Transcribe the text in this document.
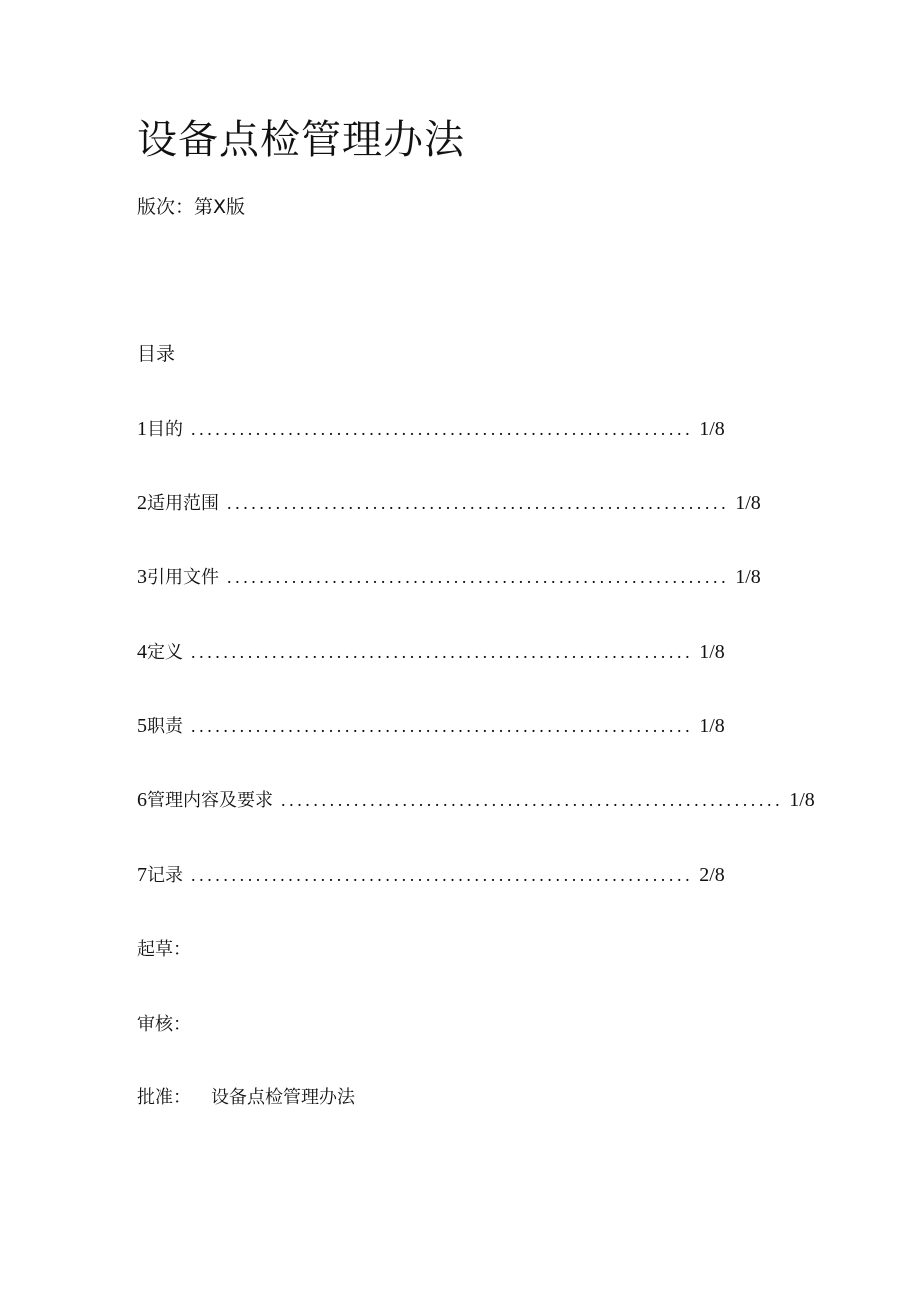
设备点检管理办法
版次：第X版
目录
1 目的 .............................................................. 1/8
2 适用范围 .............................................................. 1/8
3 引用文件 .............................................................. 1/8
4 定义 .............................................................. 1/8
5 职责 .............................................................. 1/8
6 管理内容及要求 .............................................................. 1/8
7 记录 .............................................................. 2/8
起草：
审核：
批准： 设备点检管理办法
